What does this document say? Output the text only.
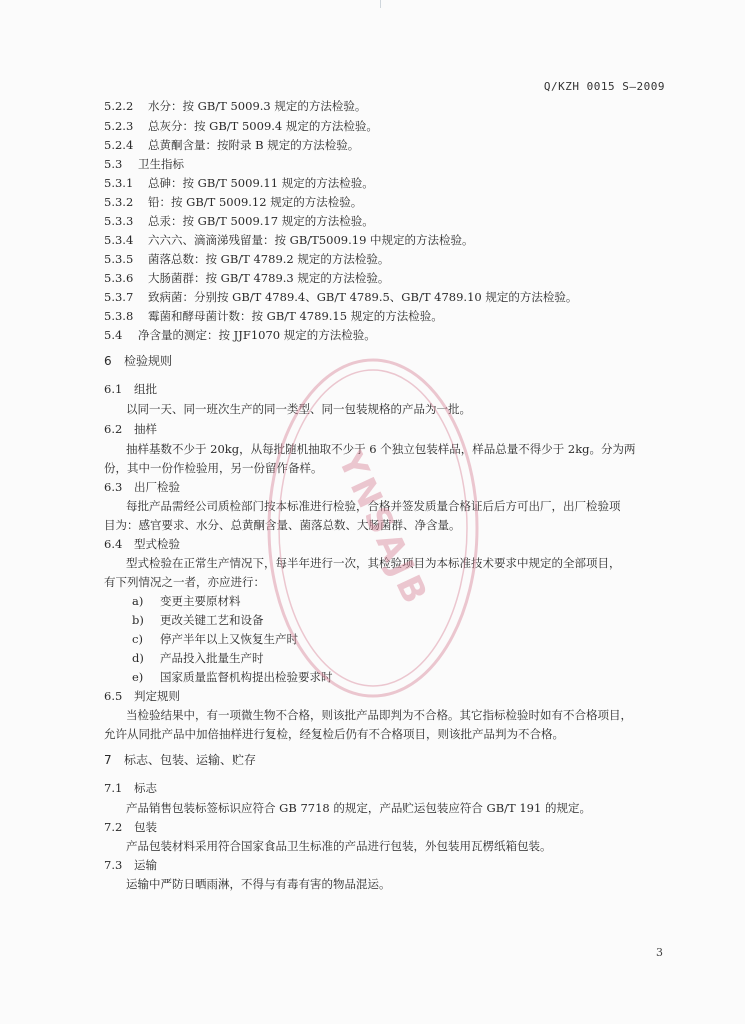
Q/KZH 0015 S—2009
5.2.2 水分：按 GB/T 5009.3 规定的方法检验。
5.2.3 总灰分：按 GB/T 5009.4 规定的方法检验。
5.2.4 总黄酮含量：按附录 B 规定的方法检验。
5.3 卫生指标
5.3.1 总砷：按 GB/T 5009.11 规定的方法检验。
5.3.2 铅：按 GB/T 5009.12 规定的方法检验。
5.3.3 总汞：按 GB/T 5009.17 规定的方法检验。
5.3.4 六六六、滴滴涕残留量：按 GB/T5009.19 中规定的方法检验。
5.3.5 菌落总数：按 GB/T 4789.2 规定的方法检验。
5.3.6 大肠菌群：按 GB/T 4789.3 规定的方法检验。
5.3.7 致病菌：分别按 GB/T 4789.4、GB/T 4789.5、GB/T 4789.10 规定的方法检验。
5.3.8 霉菌和酵母菌计数：按 GB/T 4789.15 规定的方法检验。
5.4 净含量的测定：按 JJF1070 规定的方法检验。
6 检验规则
6.1 组批
以同一天、同一班次生产的同一类型、同一包装规格的产品为一批。
6.2 抽样
抽样基数不少于 20kg，从每批随机抽取不少于 6 个独立包装样品，样品总量不得少于 2kg。分为两
份，其中一份作检验用，另一份留作备样。
6.3 出厂检验
每批产品需经公司质检部门按本标准进行检验，合格并签发质量合格证后后方可出厂，出厂检验项
目为：感官要求、水分、总黄酮含量、菌落总数、大肠菌群、净含量。
6.4 型式检验
型式检验在正常生产情况下，每半年进行一次，其检验项目为本标准技术要求中规定的全部项目，
有下列情况之一者，亦应进行：
a) 变更主要原材料
b) 更改关键工艺和设备
c) 停产半年以上又恢复生产时
d) 产品投入批量生产时
e) 国家质量监督机构提出检验要求时
6.5 判定规则
当检验结果中，有一项微生物不合格，则该批产品即判为不合格。其它指标检验时如有不合格项目，
允许从同批产品中加倍抽样进行复检，经复检后仍有不合格项目，则该批产品判为不合格。
7 标志、包装、运输、贮存
7.1 标志
产品销售包装标签标识应符合 GB 7718 的规定，产品贮运包装应符合 GB/T 191 的规定。
7.2 包装
产品包装材料采用符合国家食品卫生标准的产品进行包装，外包装用瓦楞纸箱包装。
7.3 运输
运输中严防日晒雨淋，不得与有毒有害的物品混运。
YNSAJB
3
